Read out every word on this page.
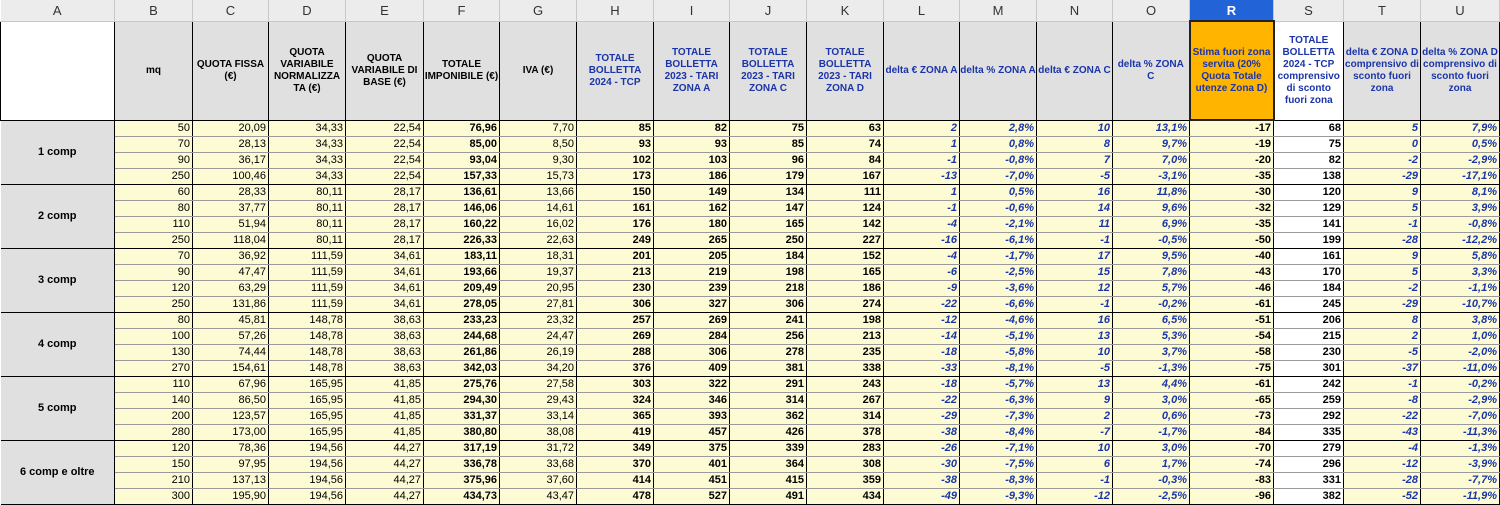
A	B	C	D	E	F	G	H	I	J	K	L	M	N	O	R	S	T	U
	mq	QUOTA FISSA (€)	QUOTA VARIABILE NORMALIZZA TA (€)	QUOTA VARIABILE DI BASE (€)	TOTALE IMPONIBILE (€)	IVA (€)	TOTALE BOLLETTA 2024 - TCP	TOTALE BOLLETTA 2023 - TARI ZONA A	TOTALE BOLLETTA 2023 - TARI ZONA C	TOTALE BOLLETTA 2023 - TARI ZONA D	delta € ZONA A	delta % ZONA A	delta € ZONA C	delta % ZONA C	Stima fuori zona servita (20% Quota Totale utenze Zona D)	TOTALE BOLLETTA 2024 - TCP comprensivo di sconto fuori zona	delta € ZONA D comprensivo di sconto fuori zona	delta % ZONA D comprensivo di sconto fuori zona
1 comp	50	20,09	34,33	22,54	76,96	7,70	85	82	75	63	2	2,8%	10	13,1%	-17	68	5	7,9%
	70	28,13	34,33	22,54	85,00	8,50	93	93	85	74	1	0,8%	8	9,7%	-19	75	0	0,5%
	90	36,17	34,33	22,54	93,04	9,30	102	103	96	84	-1	-0,8%	7	7,0%	-20	82	-2	-2,9%
	250	100,46	34,33	22,54	157,33	15,73	173	186	179	167	-13	-7,0%	-5	-3,1%	-35	138	-29	-17,1%
2 comp	60	28,33	80,11	28,17	136,61	13,66	150	149	134	111	1	0,5%	16	11,8%	-30	120	9	8,1%
	80	37,77	80,11	28,17	146,06	14,61	161	162	147	124	-1	-0,6%	14	9,6%	-32	129	5	3,9%
	110	51,94	80,11	28,17	160,22	16,02	176	180	165	142	-4	-2,1%	11	6,9%	-35	141	-1	-0,8%
	250	118,04	80,11	28,17	226,33	22,63	249	265	250	227	-16	-6,1%	-1	-0,5%	-50	199	-28	-12,2%
3 comp	70	36,92	111,59	34,61	183,11	18,31	201	205	184	152	-4	-1,7%	17	9,5%	-40	161	9	5,8%
	90	47,47	111,59	34,61	193,66	19,37	213	219	198	165	-6	-2,5%	15	7,8%	-43	170	5	3,3%
	120	63,29	111,59	34,61	209,49	20,95	230	239	218	186	-9	-3,6%	12	5,7%	-46	184	-2	-1,1%
	250	131,86	111,59	34,61	278,05	27,81	306	327	306	274	-22	-6,6%	-1	-0,2%	-61	245	-29	-10,7%
4 comp	80	45,81	148,78	38,63	233,23	23,32	257	269	241	198	-12	-4,6%	16	6,5%	-51	206	8	3,8%
	100	57,26	148,78	38,63	244,68	24,47	269	284	256	213	-14	-5,1%	13	5,3%	-54	215	2	1,0%
	130	74,44	148,78	38,63	261,86	26,19	288	306	278	235	-18	-5,8%	10	3,7%	-58	230	-5	-2,0%
	270	154,61	148,78	38,63	342,03	34,20	376	409	381	338	-33	-8,1%	-5	-1,3%	-75	301	-37	-11,0%
5 comp	110	67,96	165,95	41,85	275,76	27,58	303	322	291	243	-18	-5,7%	13	4,4%	-61	242	-1	-0,2%
	140	86,50	165,95	41,85	294,30	29,43	324	346	314	267	-22	-6,3%	9	3,0%	-65	259	-8	-2,9%
	200	123,57	165,95	41,85	331,37	33,14	365	393	362	314	-29	-7,3%	2	0,6%	-73	292	-22	-7,0%
	280	173,00	165,95	41,85	380,80	38,08	419	457	426	378	-38	-8,4%	-7	-1,7%	-84	335	-43	-11,3%
6 comp e oltre	120	78,36	194,56	44,27	317,19	31,72	349	375	339	283	-26	-7,1%	10	3,0%	-70	279	-4	-1,3%
	150	97,95	194,56	44,27	336,78	33,68	370	401	364	308	-30	-7,5%	6	1,7%	-74	296	-12	-3,9%
	210	137,13	194,56	44,27	375,96	37,60	414	451	415	359	-38	-8,3%	-1	-0,3%	-83	331	-28	-7,7%
	300	195,90	194,56	44,27	434,73	43,47	478	527	491	434	-49	-9,3%	-12	-2,5%	-96	382	-52	-11,9%
